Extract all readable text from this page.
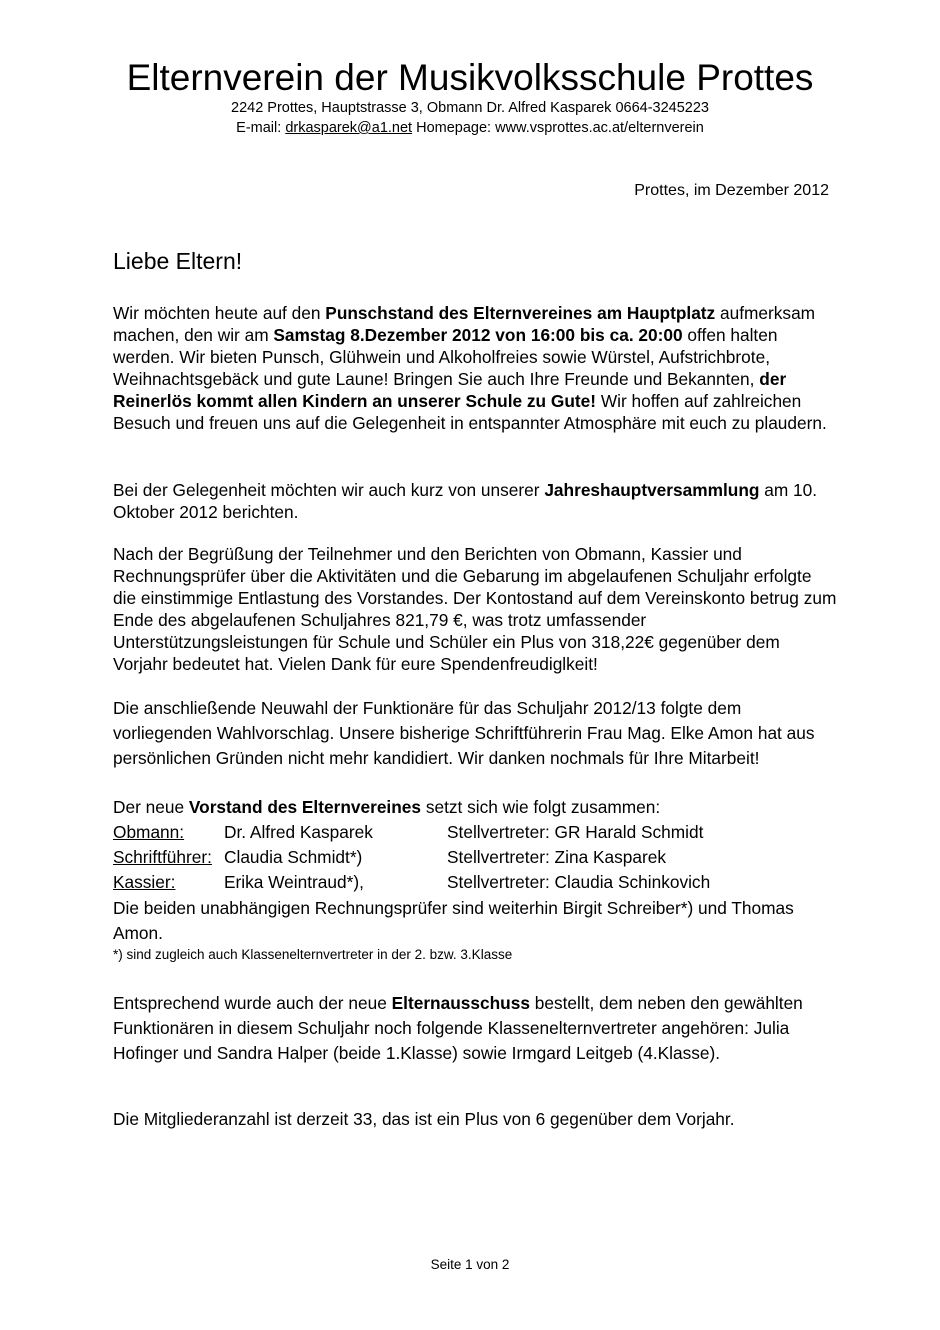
Elternverein der Musikvolksschule Prottes
2242 Prottes, Hauptstrasse 3, Obmann Dr. Alfred Kasparek 0664-3245223
E-mail: drkasparek@a1.net Homepage: www.vsprottes.ac.at/elternverein
Prottes, im Dezember 2012
Liebe Eltern!
Wir möchten heute auf den Punschstand des Elternvereines am Hauptplatz aufmerksam machen, den wir am Samstag 8.Dezember 2012 von 16:00 bis ca. 20:00 offen halten werden. Wir bieten Punsch, Glühwein und Alkoholfreies sowie Würstel, Aufstrichbrote, Weihnachtsgebäck und gute Laune! Bringen Sie auch Ihre Freunde und Bekannten, der Reinerlös kommt allen Kindern an unserer Schule zu Gute! Wir hoffen auf zahlreichen Besuch und freuen uns auf die Gelegenheit in entspannter Atmosphäre mit euch zu plaudern.
Bei der Gelegenheit möchten wir auch kurz von unserer Jahreshauptversammlung am 10. Oktober 2012 berichten.
Nach der Begrüßung der Teilnehmer und den Berichten von Obmann, Kassier und Rechnungsprüfer über die Aktivitäten und die Gebarung im abgelaufenen Schuljahr erfolgte die einstimmige Entlastung des Vorstandes. Der Kontostand auf dem Vereinskonto betrug zum Ende des abgelaufenen Schuljahres 821,79 €, was trotz umfassender Unterstützungsleistungen für Schule und Schüler ein Plus von 318,22€ gegenüber dem Vorjahr bedeutet hat. Vielen Dank für eure Spendenfreudiglkeit!
Die anschließende Neuwahl der Funktionäre für das Schuljahr 2012/13 folgte dem vorliegenden Wahlvorschlag. Unsere bisherige Schriftführerin Frau Mag. Elke Amon hat aus persönlichen Gründen nicht mehr kandidiert. Wir danken nochmals für Ihre Mitarbeit!
Der neue Vorstand des Elternvereines setzt sich wie folgt zusammen:
Obmann: Dr. Alfred Kasparek	Stellvertreter: GR Harald Schmidt
Schriftführer: Claudia Schmidt*)	Stellvertreter: Zina Kasparek
Kassier:	Erika Weintraud*),	Stellvertreter: Claudia Schinkovich
Die beiden unabhängigen Rechnungsprüfer sind weiterhin Birgit Schreiber*) und Thomas Amon.
*) sind zugleich auch Klassenelternvertreter in der 2. bzw. 3.Klasse
Entsprechend wurde auch der neue Elternausschuss bestellt, dem neben den gewählten Funktionären in diesem Schuljahr noch folgende Klassenelternvertreter angehören: Julia Hofinger und Sandra Halper (beide 1.Klasse) sowie Irmgard Leitgeb (4.Klasse).
Die Mitgliederanzahl ist derzeit 33, das ist ein Plus von 6 gegenüber dem Vorjahr.
Seite 1 von 2
